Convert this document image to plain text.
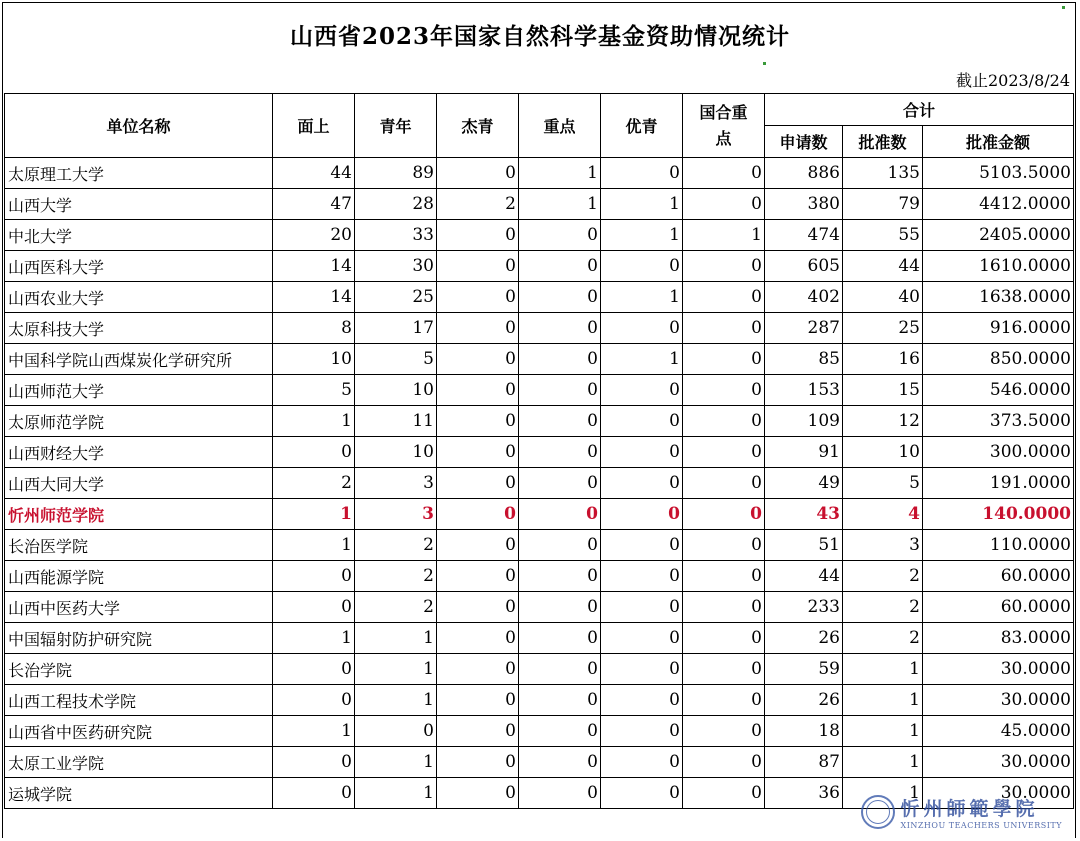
山西省2023年国家自然科学基金资助情况统计
截止2023/8/24
单位名称	面上	青年	杰青	重点	优青	国合重点	合计		
							申请数	批准数	批准金额
太原理工大学	44	89	0	1	0	0	886	135	5103.5000
山西大学	47	28	2	1	1	0	380	79	4412.0000
中北大学	20	33	0	0	1	1	474	55	2405.0000
山西医科大学	14	30	0	0	0	0	605	44	1610.0000
山西农业大学	14	25	0	0	1	0	402	40	1638.0000
太原科技大学	8	17	0	0	0	0	287	25	916.0000
中国科学院山西煤炭化学研究所	10	5	0	0	1	0	85	16	850.0000
山西师范大学	5	10	0	0	0	0	153	15	546.0000
太原师范学院	1	11	0	0	0	0	109	12	373.5000
山西财经大学	0	10	0	0	0	0	91	10	300.0000
山西大同大学	2	3	0	0	0	0	49	5	191.0000
忻州师范学院	1	3	0	0	0	0	43	4	140.0000
长治医学院	1	2	0	0	0	0	51	3	110.0000
山西能源学院	0	2	0	0	0	0	44	2	60.0000
山西中医药大学	0	2	0	0	0	0	233	2	60.0000
中国辐射防护研究院	1	1	0	0	0	0	26	2	83.0000
长治学院	0	1	0	0	0	0	59	1	30.0000
山西工程技术学院	0	1	0	0	0	0	26	1	30.0000
山西省中医药研究院	1	0	0	0	0	0	18	1	45.0000
太原工业学院	0	1	0	0	0	0	87	1	30.0000
运城学院	0	1	0	0	0	0	36	1	30.0000
忻州師範學院
XINZHOU TEACHERS UNIVERSITY
